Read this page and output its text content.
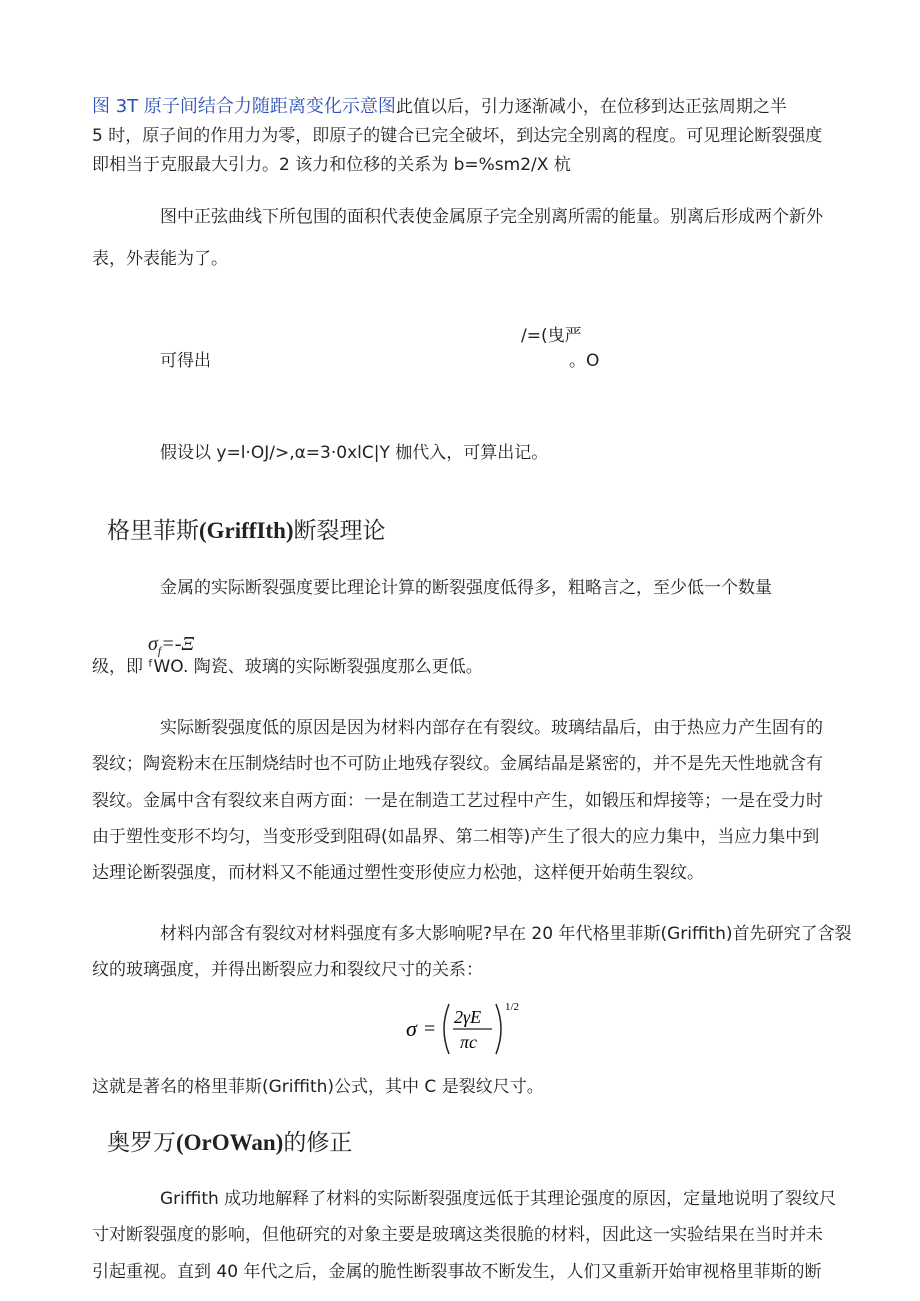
图 3T 原子间结合力随距离变化示意图此值以后，引力逐渐减小，在位移到达正弦周期之半
5 时，原子间的作用力为零，即原子的键合已完全破坏，到达完全别离的程度。可见理论断裂强度
即相当于克服最大引力。2 该力和位移的关系为 b=%sm2/X 杭
图中正弦曲线下所包围的面积代表使金属原子完全别离所需的能量。别离后形成两个新外
表，外表能为了。
/=(曳严
可得出	。O
假设以 y=l·OJ∕>,α=3·0xlC|Y 枷代入，可算出记。
格里菲斯(GriffIth)断裂理论
金属的实际断裂强度要比理论计算的断裂强度低得多，粗略言之，至少低一个数量
$\sigma_f=-\Xi$
级，即 ᶠWO. 陶瓷、玻璃的实际断裂强度那么更低。
实际断裂强度低的原因是因为材料内部存在有裂纹。玻璃结晶后，由于热应力产生固有的
裂纹；陶瓷粉末在压制烧结时也不可防止地残存裂纹。金属结晶是紧密的，并不是先天性地就含有
裂纹。金属中含有裂纹来自两方面：一是在制造工艺过程中产生，如锻压和焊接等；一是在受力时
由于塑性变形不均匀，当变形受到阻碍(如晶界、第二相等)产生了很大的应力集中，当应力集中到
达理论断裂强度，而材料又不能通过塑性变形使应力松弛，这样便开始萌生裂纹。
材料内部含有裂纹对材料强度有多大影响呢?早在 20 年代格里菲斯(Griffith)首先研究了含裂
纹的玻璃强度，并得出断裂应力和裂纹尺寸的关系：
σ =
2γE
πc
1/2
这就是著名的格里菲斯(Griffith)公式，其中 C 是裂纹尺寸。
奥罗万(OrOWan)的修正
Griffith 成功地解释了材料的实际断裂强度远低于其理论强度的原因，定量地说明了裂纹尺
寸对断裂强度的影响，但他研究的对象主要是玻璃这类很脆的材料，因此这一实验结果在当时并未
引起重视。直到 40 年代之后，金属的脆性断裂事故不断发生，人们又重新开始审视格里菲斯的断
